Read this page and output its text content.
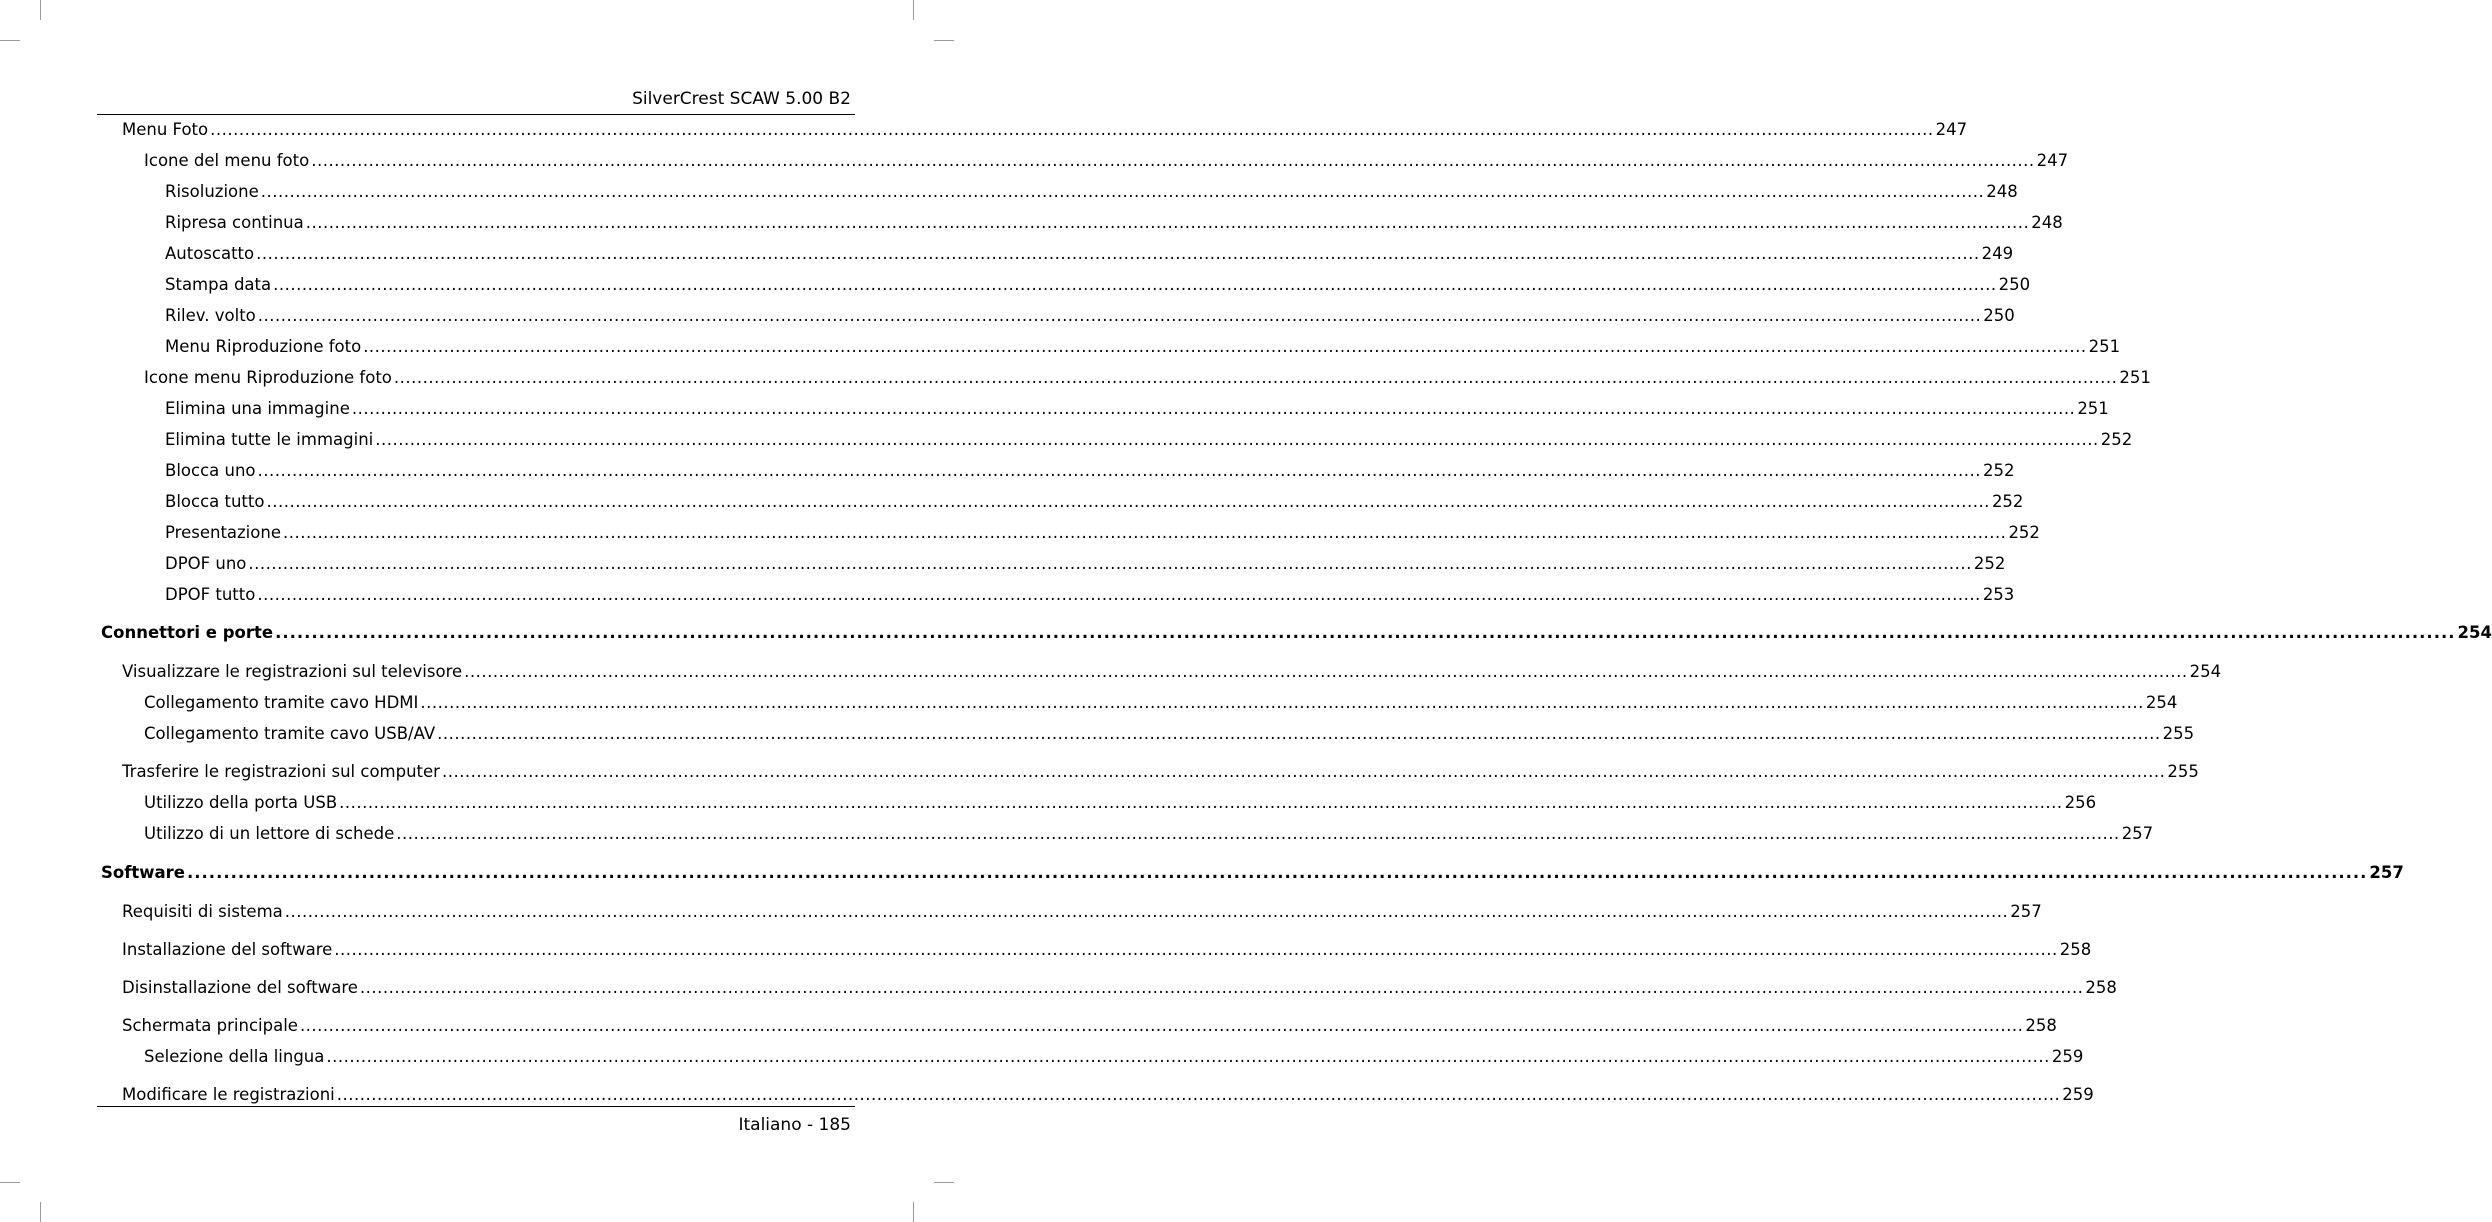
SilverCrest SCAW 5.00 B2
Menu Foto ............................................................................................................................................................................................................................................................................................................ 247
Icone del menu foto ............................................................................................................................................................................................................................................................................................................ 247
Risoluzione ............................................................................................................................................................................................................................................................................................................ 248
Ripresa continua ............................................................................................................................................................................................................................................................................................................ 248
Autoscatto ............................................................................................................................................................................................................................................................................................................ 249
Stampa data ............................................................................................................................................................................................................................................................................................................ 250
Rilev. volto ............................................................................................................................................................................................................................................................................................................ 250
Menu Riproduzione foto ............................................................................................................................................................................................................................................................................................................ 251
Icone menu Riproduzione foto ............................................................................................................................................................................................................................................................................................................ 251
Elimina una immagine ............................................................................................................................................................................................................................................................................................................ 251
Elimina tutte le immagini ............................................................................................................................................................................................................................................................................................................ 252
Blocca uno ............................................................................................................................................................................................................................................................................................................ 252
Blocca tutto ............................................................................................................................................................................................................................................................................................................ 252
Presentazione ............................................................................................................................................................................................................................................................................................................ 252
DPOF uno ............................................................................................................................................................................................................................................................................................................ 252
DPOF tutto ............................................................................................................................................................................................................................................................................................................ 253
Connettori e porte ............................................................................................................................................................................................................................................................................................................ 254
Visualizzare le registrazioni sul televisore ............................................................................................................................................................................................................................................................................................................ 254
Collegamento tramite cavo HDMI ............................................................................................................................................................................................................................................................................................................ 254
Collegamento tramite cavo USB/AV ............................................................................................................................................................................................................................................................................................................ 255
Trasferire le registrazioni sul computer ............................................................................................................................................................................................................................................................................................................ 255
Utilizzo della porta USB ............................................................................................................................................................................................................................................................................................................ 256
Utilizzo di un lettore di schede ............................................................................................................................................................................................................................................................................................................ 257
Software ............................................................................................................................................................................................................................................................................................................ 257
Requisiti di sistema ............................................................................................................................................................................................................................................................................................................ 257
Installazione del software ............................................................................................................................................................................................................................................................................................................ 258
Disinstallazione del software ............................................................................................................................................................................................................................................................................................................ 258
Schermata principale ............................................................................................................................................................................................................................................................................................................ 258
Selezione della lingua ............................................................................................................................................................................................................................................................................................................ 259
Modificare le registrazioni ............................................................................................................................................................................................................................................................................................................ 259
Italiano - 185
